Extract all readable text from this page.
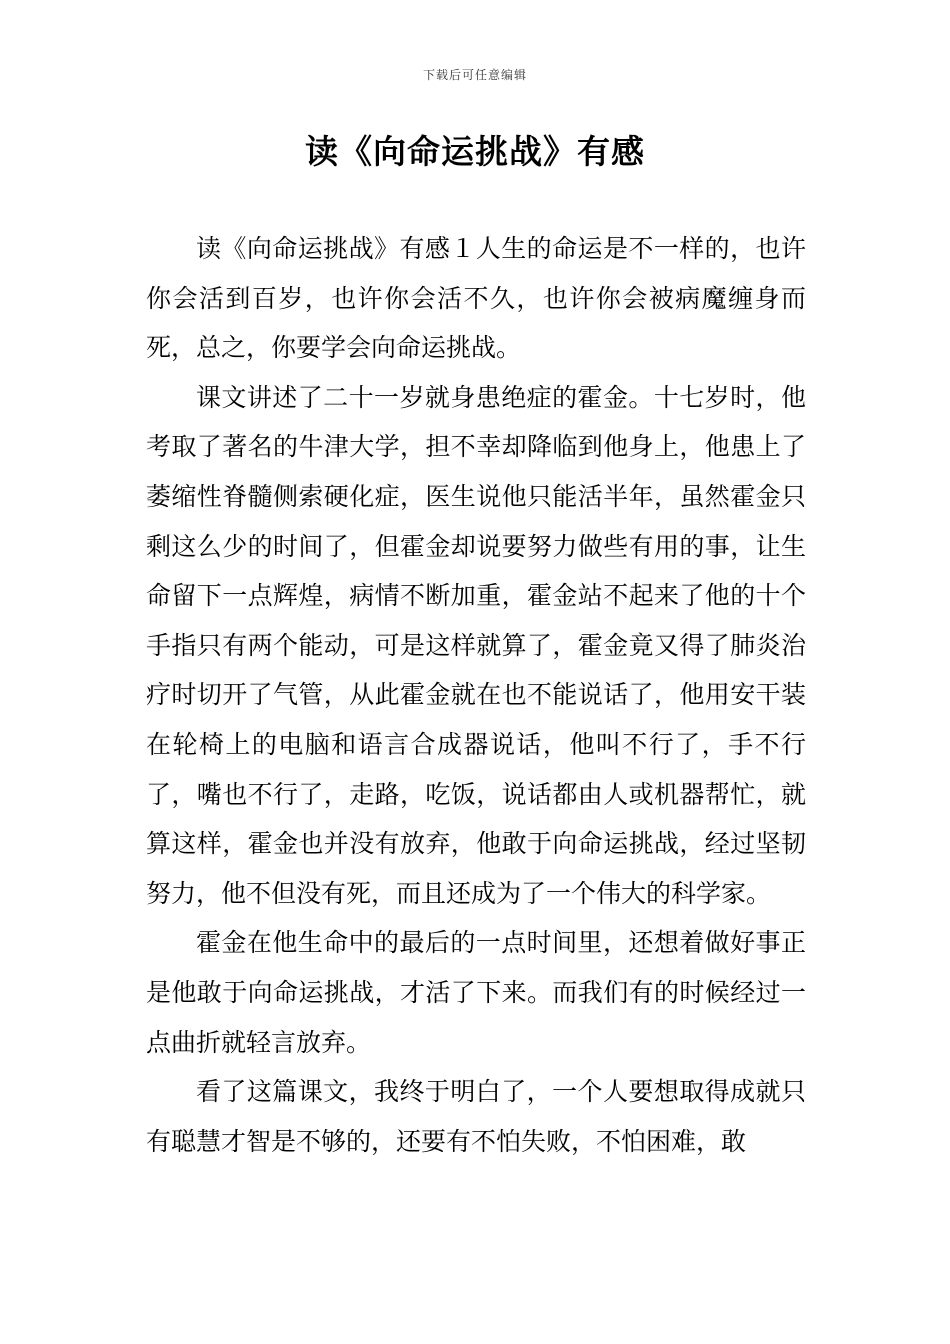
下载后可任意编辑
读《向命运挑战》有感

读《向命运挑战》有感１人生的命运是不一样的，也许你会活到百岁，也许你会活不久，也许你会被病魔缠身而死，总之，你要学会向命运挑战。

课文讲述了二十一岁就身患绝症的霍金。十七岁时，他考取了著名的牛津大学，担不幸却降临到他身上，他患上了萎缩性脊髓侧索硬化症，医生说他只能活半年，虽然霍金只剩这么少的时间了，但霍金却说要努力做些有用的事，让生命留下一点辉煌，病情不断加重，霍金站不起来了他的十个手指只有两个能动，可是这样就算了，霍金竟又得了肺炎治疗时切开了气管，从此霍金就在也不能说话了，他用安干装在轮椅上的电脑和语言合成器说话，他叫不行了，手不行了，嘴也不行了，走路，吃饭，说话都由人或机器帮忙，就算这样，霍金也并没有放弃，他敢于向命运挑战，经过坚韧努力，他不但没有死，而且还成为了一个伟大的科学家。

霍金在他生命中的最后的一点时间里，还想着做好事正是他敢于向命运挑战，才活了下来。而我们有的时候经过一点曲折就轻言放弃。

看了这篇课文，我终于明白了，一个人要想取得成就只有聪慧才智是不够的，还要有不怕失败，不怕困难，敢
